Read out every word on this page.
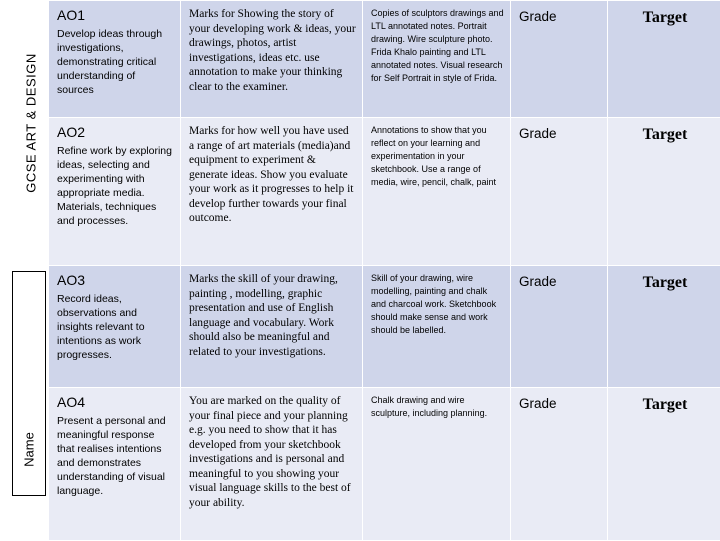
GCSE ART & DESIGN
Name
AO1
Develop ideas through investigations, demonstrating critical understanding of sources	Marks for Showing the story of your developing work & ideas, your drawings, photos, artist investigations, ideas etc. use annotation to make your thinking clear to the examiner.	Copies of sculptors drawings and LTL annotated notes. Portrait drawing. Wire sculpture photo. Frida Khalo painting and LTL annotated notes. Visual research for Self Portrait in style of Frida.	Grade	Target

AO2
Refine work by exploring ideas, selecting and experimenting with appropriate media. Materials, techniques and processes.	Marks for how well you have used a range of art materials (media)and equipment to experiment & generate ideas. Show you evaluate your work as it progresses to help it develop further towards your final outcome.	Annotations to show that you reflect on your learning and experimentation in your sketchbook. Use a range of media, wire, pencil, chalk, paint	Grade	Target

AO3
Record ideas, observations and insights relevant to intentions as work progresses.	Marks the skill of your drawing, painting , modelling, graphic presentation and use of English language and vocabulary. Work should also be meaningful and related to your investigations.	Skill of your drawing, wire modelling, painting and chalk and charcoal work. Sketchbook should make sense and work should be labelled.	Grade	Target

AO4
Present a personal and meaningful response that realises intentions and demonstrates understanding of visual language.	You are marked on the quality of your final piece and your planning e.g. you need to show that it has developed from your sketchbook investigations and is personal and meaningful to you showing your visual language skills to the best of your ability.	Chalk drawing and wire sculpture, including planning.	Grade	Target
